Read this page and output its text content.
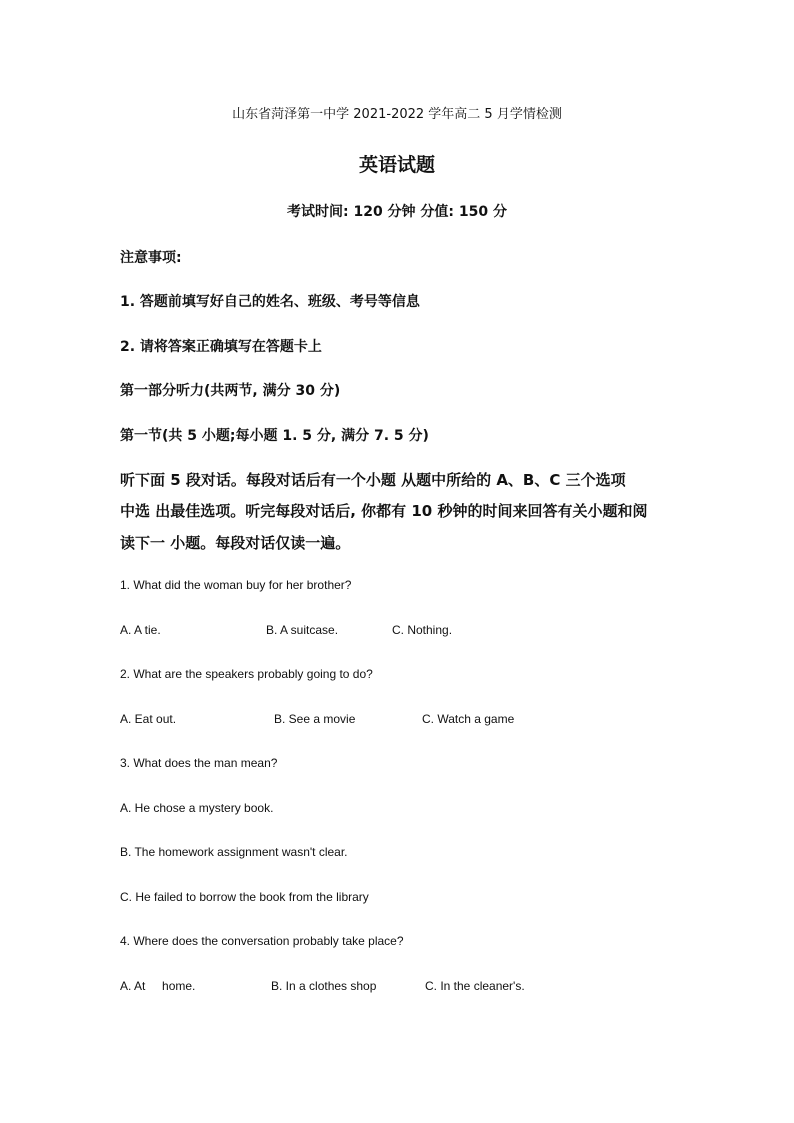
山东省菏泽第一中学 2021-2022 学年高二 5 月学情检测
英语试题
考试时间: 120 分钟 分值: 150 分
注意事项:
1. 答题前填写好自己的姓名、班级、考号等信息
2. 请将答案正确填写在答题卡上
第一部分听力(共两节, 满分 30 分)
第一节(共 5 小题;每小题 1. 5 分, 满分 7. 5 分)
听下面 5 段对话。每段对话后有一个小题 从题中所给的 A、B、C 三个选项
中选 出最佳选项。听完每段对话后, 你都有 10 秒钟的时间来回答有关小题和阅
读下一 小题。每段对话仅读一遍。
1. What did the woman buy for her brother?
A. A tie.	B. A suitcase.	C. Nothing.
2. What are the speakers probably going to do?
A. Eat out.	B. See a movie	C. Watch a game
3. What does the man mean?
A. He chose a mystery book.
B. The homework assignment wasn't clear.
C. He failed to borrow the book from the library
4. Where does the conversation probably take place?
A. At     home.	B. In a clothes shop	C. In the cleaner's.
